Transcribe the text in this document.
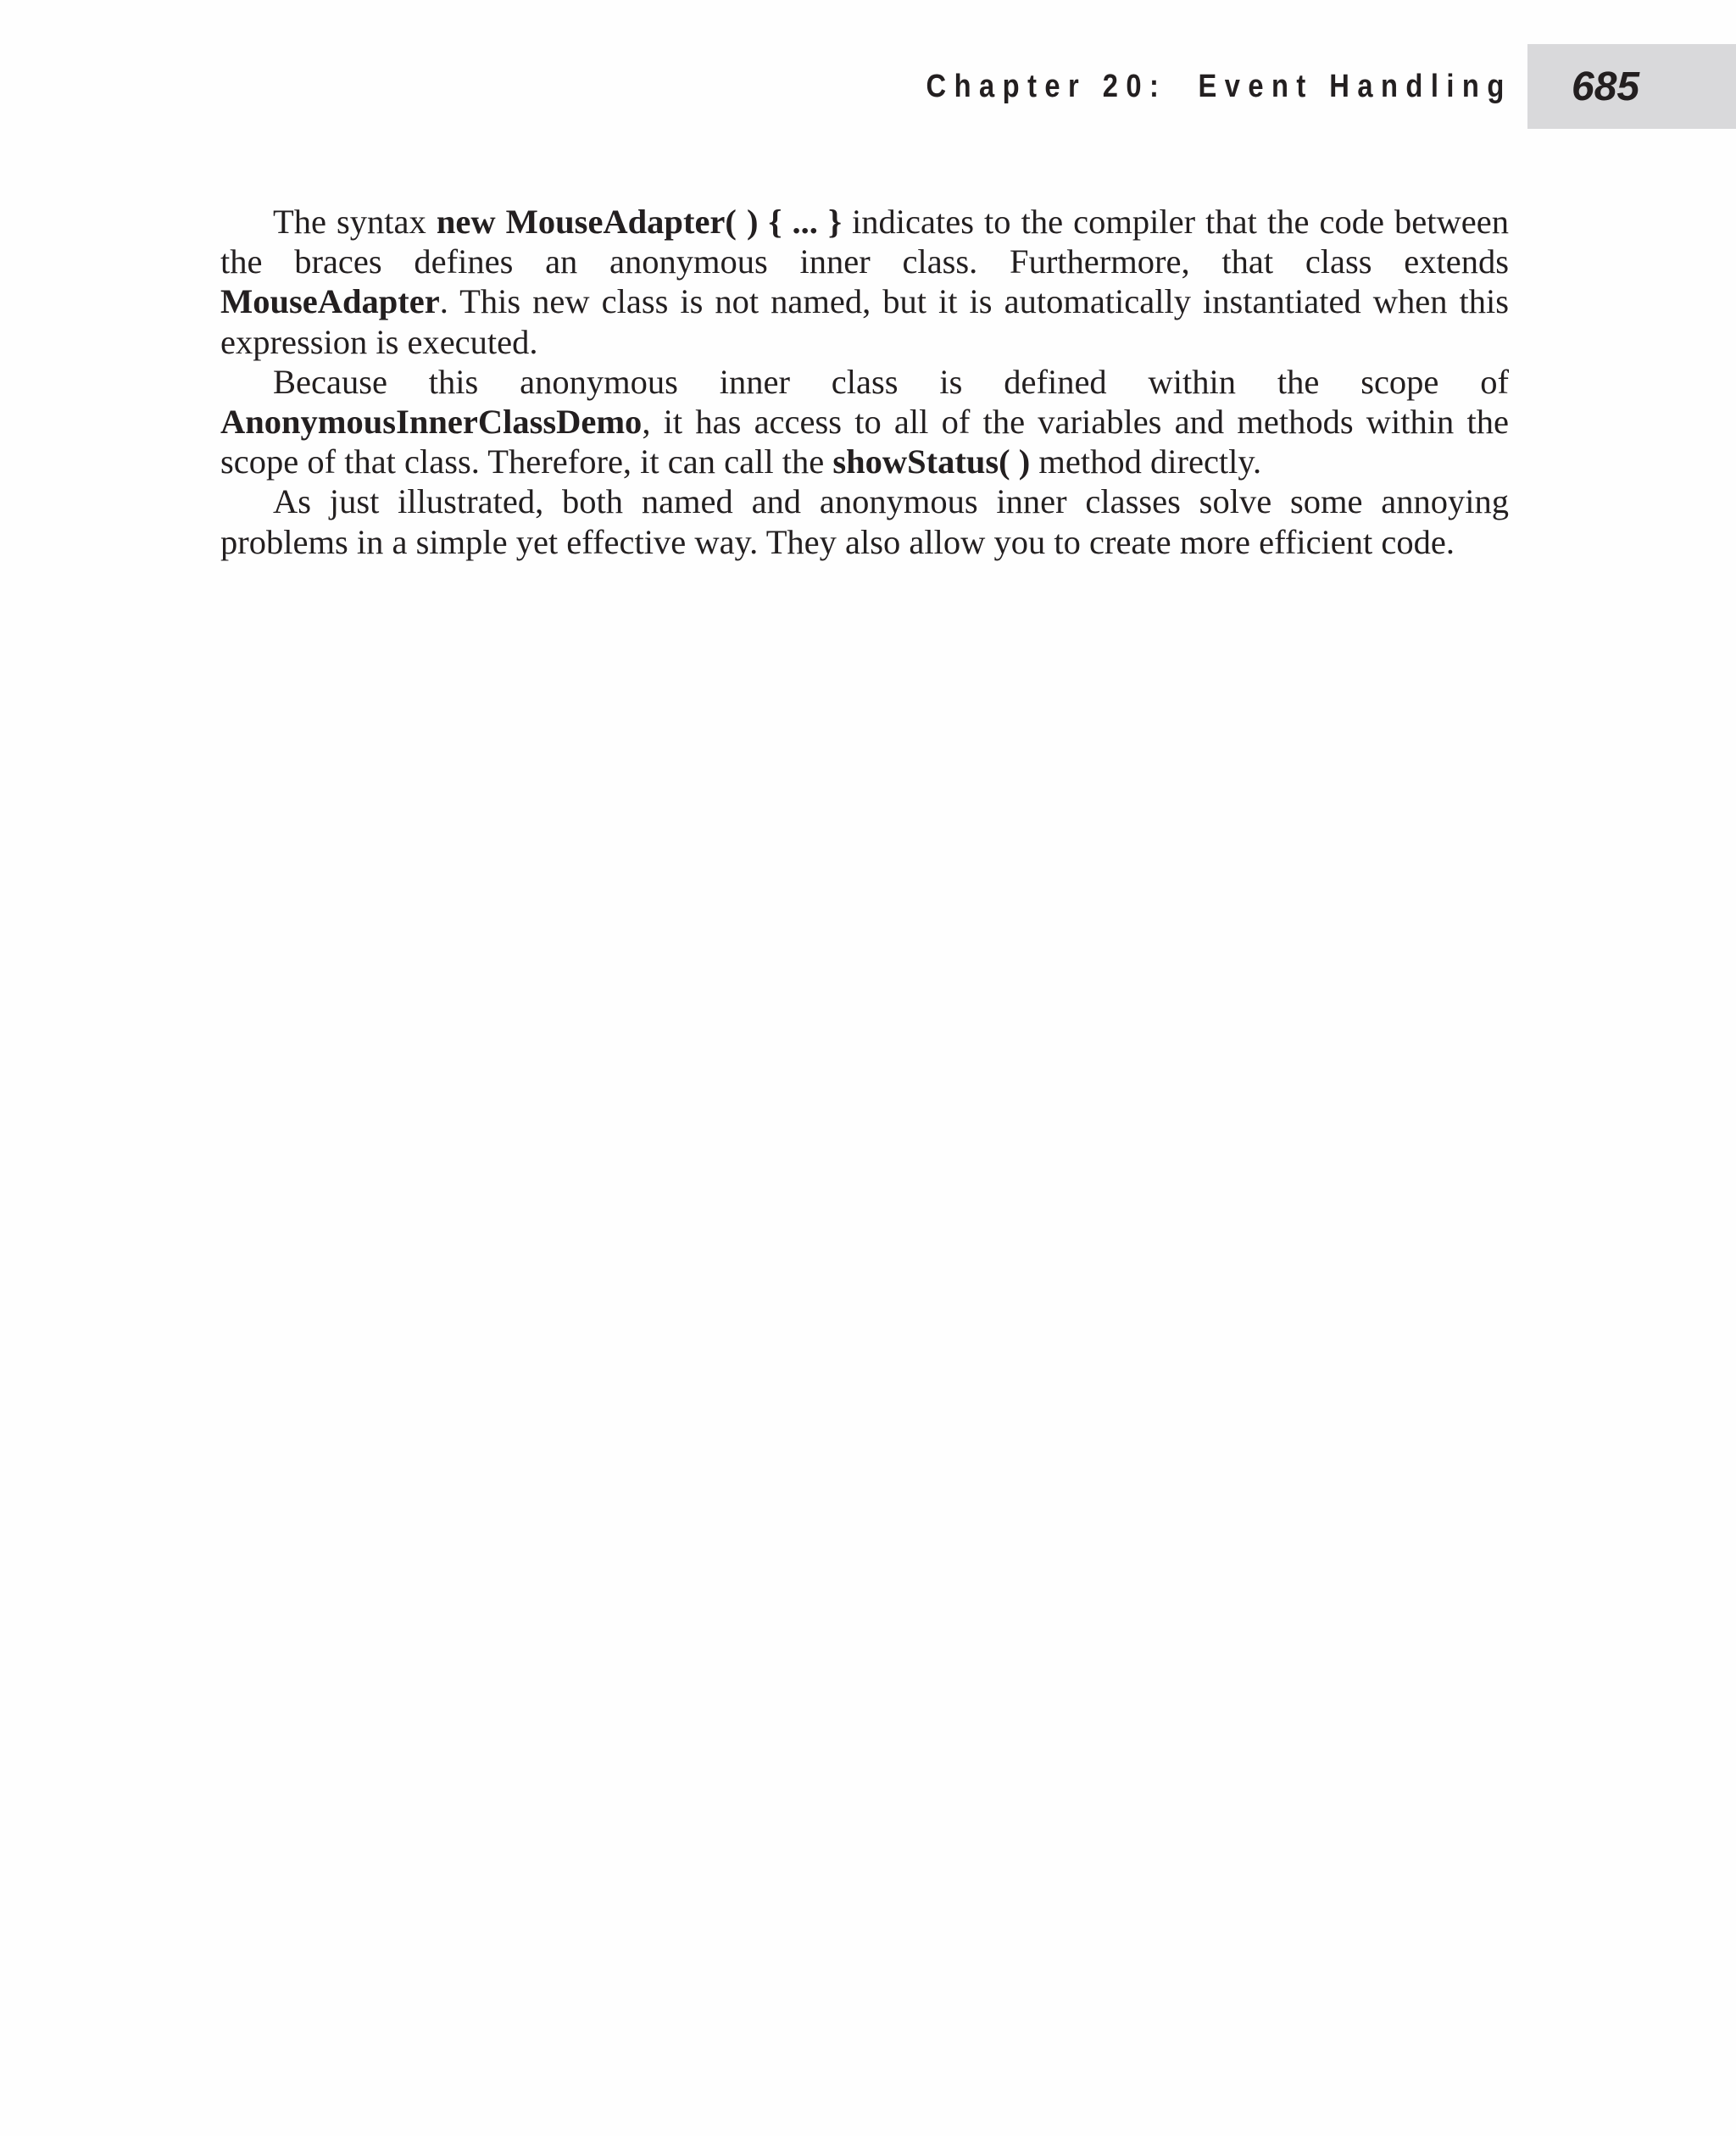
Chapter 20:  Event Handling 685

The syntax new MouseAdapter( ) { ... } indicates to the compiler that the code between the braces defines an anonymous inner class. Furthermore, that class extends MouseAdapter. This new class is not named, but it is automatically instantiated when this expression is executed.

Because this anonymous inner class is defined within the scope of AnonymousInnerClassDemo, it has access to all of the variables and methods within the scope of that class. Therefore, it can call the showStatus( ) method directly.

As just illustrated, both named and anonymous inner classes solve some annoying problems in a simple yet effective way. They also allow you to create more efficient code.
